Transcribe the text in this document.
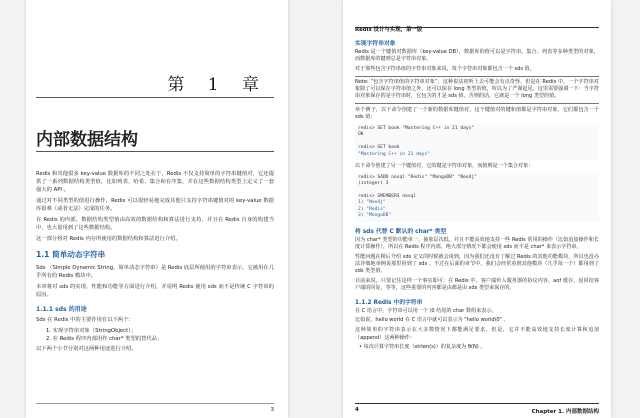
第 1 章
内部数据结构

Redis 和其他很多 key-value 数据库的不同之处在于，Redis 不仅支持简单的字符串键值对，它还提供了一系列数据结构类型值，比如列表、哈希、集合和有序集，并在这些数据结构类型上定义了一套强大的 API 。

通过对不同类型的值进行操作，Redis 可以很轻易地完成其他只支持字符串键值对的 key-value 数据库很难（或者无法）完成的任务。

在 Redis 的内部，数据结构类型值由高效的数据结构和算法进行支持，并且在 Redis 自身的构建当中，也大量用到了这些数据结构。

这一部分将对 Redis 内存所使用的数据结构和算法进行介绍。

1.1 简单动态字符串

Sds （Simple Dynamic String，简单动态字符串）是 Redis 底层所使用的字符串表示，它被用在几乎所有的 Redis 模块中。

本章将对 sds 的实现、性能和功能等方面进行介绍，并说明 Redis 使用 sds 而不是传统 C 字符串的原因。

1.1.1 sds 的用途

Sds 在 Redis 中的主要作用有以下两个：

1. 实现字符串对象（StringObject）；
2. 在 Redis 程序内部用作 char* 类型的替代品；

以下两个小节分别对这两种用途进行介绍。

3
Redis 设计与实现，第一版
实现字符串对象

Redis 是一个键值对数据库（key-value DB），数据库的值可以是字符串、集合、列表等多种类型的对象，而数据库的键则总是字符串对象。

对于那些包含字符串值的字符串对象来说，每个字符串对象都包含一个 sds 值。

Note: “包含字符串值的字符串对象”，这种说法初听上去可能会有点奇怪，但是在 Redis 中，一个字符串对象除了可以保存字符串值之外，还可以保存 long 类型的值，所以为了严谨起见，这里需要强调一下：当字符串对象保存的是字符串时，它包含的才是 sds 值，否则的话，它就是一个 long 类型的值。

举个例子，以下命令创建了一个新的数据库键值对，这个键值对的键和值都是字符串对象，它们都包含一个 sds 值：

redis> SET book "Mastering C++ in 21 days"
OK

redis> GET book
"Mastering C++ in 21 days"

以下命令创建了另一个键值对，它的键是字符串对象，而值则是一个集合对象：

redis> SADD nosql "Redis" "MongoDB" "Neo4j"
(integer) 3

redis> SMEMBERS nosql
1) "Neo4j"
2) "Redis"
3) "MongoDB"
将 sds 代替 C 默认的 char* 类型

因为 char* 类型的功能单一，抽象层次低，并且不能高效地支持一些 Redis 常用的操作（比如追加操作和长度计算操作），所以在 Redis 程序内部，绝大部分情况下都会使用 sds 而不是 char* 来表示字符串。

性能问题在稍后介绍 sds 定义的时候就会谈到，因为我们还没有了解过 Redis 的其他功能模块，所以也没办法详细地举例说那里用到了 sds ，不过在后面的章节中，我们会经常看到其他模块（几乎每一个）都用到了 sds 类型值。

目前来说，只要记住这样一个事实即可：在 Redis 中，客户端传入服务器的协议内容、aof 缓存、返回给客户端的回复，等等，这些重要的内容都是由都是由 sds 类型来保存的。

1.1.2 Redis 中的字符串

在 C 语言中，字符串可以用一个 \0 结尾的 char 数组来表示。

比如说，hello world 在 C 语言中就可以表示为 "hello world\0" 。

这种简单的字符串表示在大多数情况下都能满足要求，但是，它并不能高效地支持长度计算和追加（append）这两种操作：

• 每次计算字符串长度（strlen(s)）的复杂度为 θ(N) 。
4	Chapter 1. 内部数据结构
